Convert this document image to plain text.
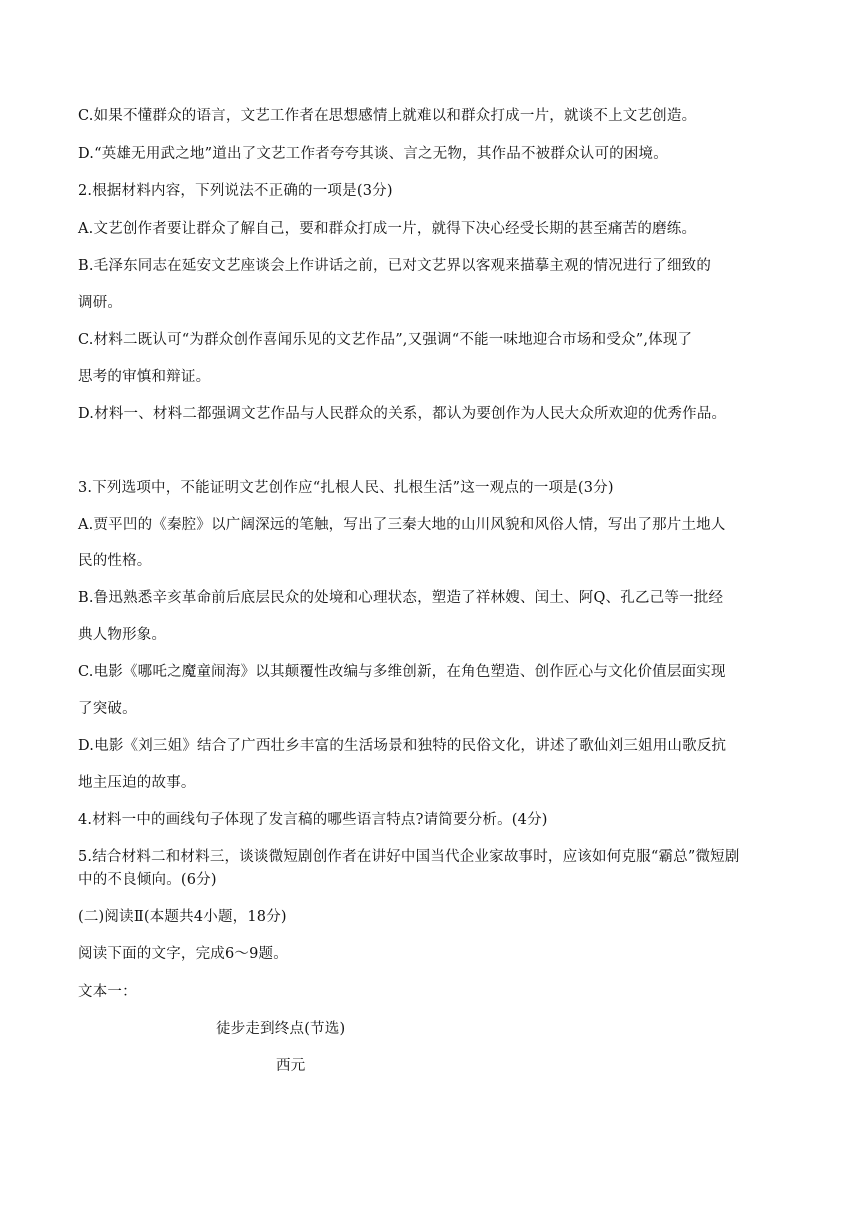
C.如果不懂群众的语言，文艺工作者在思想感情上就难以和群众打成一片，就谈不上文艺创造。
D.“英雄无用武之地”道出了文艺工作者夸夸其谈、言之无物，其作品不被群众认可的困境。
2.根据材料内容，下列说法不正确的一项是(3分)
A.文艺创作者要让群众了解自己，要和群众打成一片，就得下决心经受长期的甚至痛苦的磨练。
B.毛泽东同志在延安文艺座谈会上作讲话之前，已对文艺界以客观来描摹主观的情况进行了细致的
调研。
C.材料二既认可“为群众创作喜闻乐见的文艺作品”,又强调“不能一味地迎合市场和受众”,体现了
思考的审慎和辩证。
D.材料一、材料二都强调文艺作品与人民群众的关系，都认为要创作为人民大众所欢迎的优秀作品。
3.下列选项中，不能证明文艺创作应“扎根人民、扎根生活”这一观点的一项是(3分)
A.贾平凹的《秦腔》以广阔深远的笔触，写出了三秦大地的山川风貌和风俗人情，写出了那片土地人
民的性格。
B.鲁迅熟悉辛亥革命前后底层民众的处境和心理状态，塑造了祥林嫂、闰土、阿Q、孔乙己等一批经
典人物形象。
C.电影《哪吒之魔童闹海》以其颠覆性改编与多维创新，在角色塑造、创作匠心与文化价值层面实现
了突破。
D.电影《刘三姐》结合了广西壮乡丰富的生活场景和独特的民俗文化，讲述了歌仙刘三姐用山歌反抗
地主压迫的故事。
4.材料一中的画线句子体现了发言稿的哪些语言特点?请简要分析。(4分)
5.结合材料二和材料三，谈谈微短剧创作者在讲好中国当代企业家故事时，应该如何克服“霸总”微短剧
中的不良倾向。(6分)
(二)阅读Ⅱ(本题共4小题，18分)
阅读下面的文字，完成6～9题。
文本一：
徒步走到终点(节选)
西元
